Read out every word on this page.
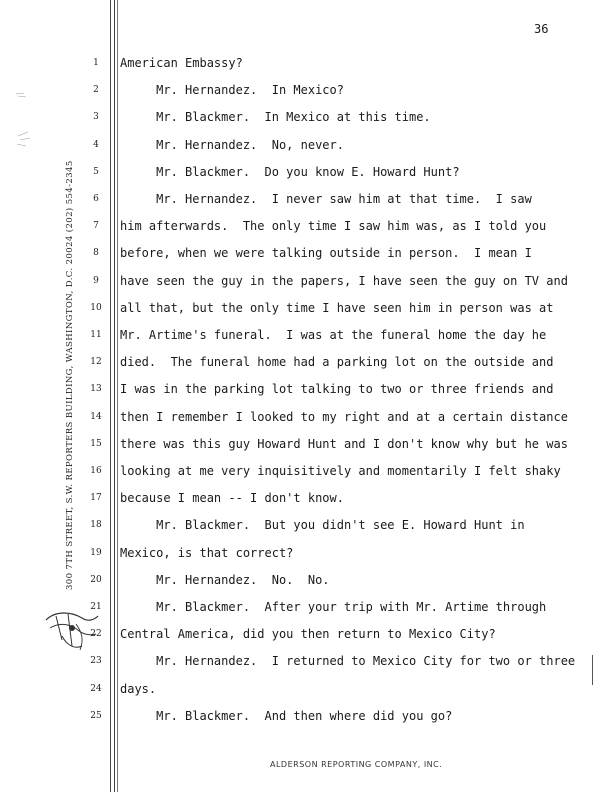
36
300 7TH STREET, S.W. REPORTERS BUILDING, WASHINGTON, D.C. 20024 (202) 554-2345
1
2
3
4
5
6
7
8
9
10
11
12
13
14
15
16
17
18
19
20
21
22
23
24
25
American Embassy?
Mr. Hernandez.  In Mexico?
Mr. Blackmer.  In Mexico at this time.
Mr. Hernandez.  No, never.
Mr. Blackmer.  Do you know E. Howard Hunt?
Mr. Hernandez.  I never saw him at that time.  I saw
him afterwards.  The only time I saw him was, as I told you
before, when we were talking outside in person.  I mean I
have seen the guy in the papers, I have seen the guy on TV and
all that, but the only time I have seen him in person was at
Mr. Artime's funeral.  I was at the funeral home the day he
died.  The funeral home had a parking lot on the outside and
I was in the parking lot talking to two or three friends and
then I remember I looked to my right and at a certain distance
there was this guy Howard Hunt and I don't know why but he was
looking at me very inquisitively and momentarily I felt shaky
because I mean -- I don't know.
Mr. Blackmer.  But you didn't see E. Howard Hunt in
Mexico, is that correct?
Mr. Hernandez.  No.  No.
Mr. Blackmer.  After your trip with Mr. Artime through
Central America, did you then return to Mexico City?
Mr. Hernandez.  I returned to Mexico City for two or three
days.
Mr. Blackmer.  And then where did you go?
ALDERSON REPORTING COMPANY, INC.
